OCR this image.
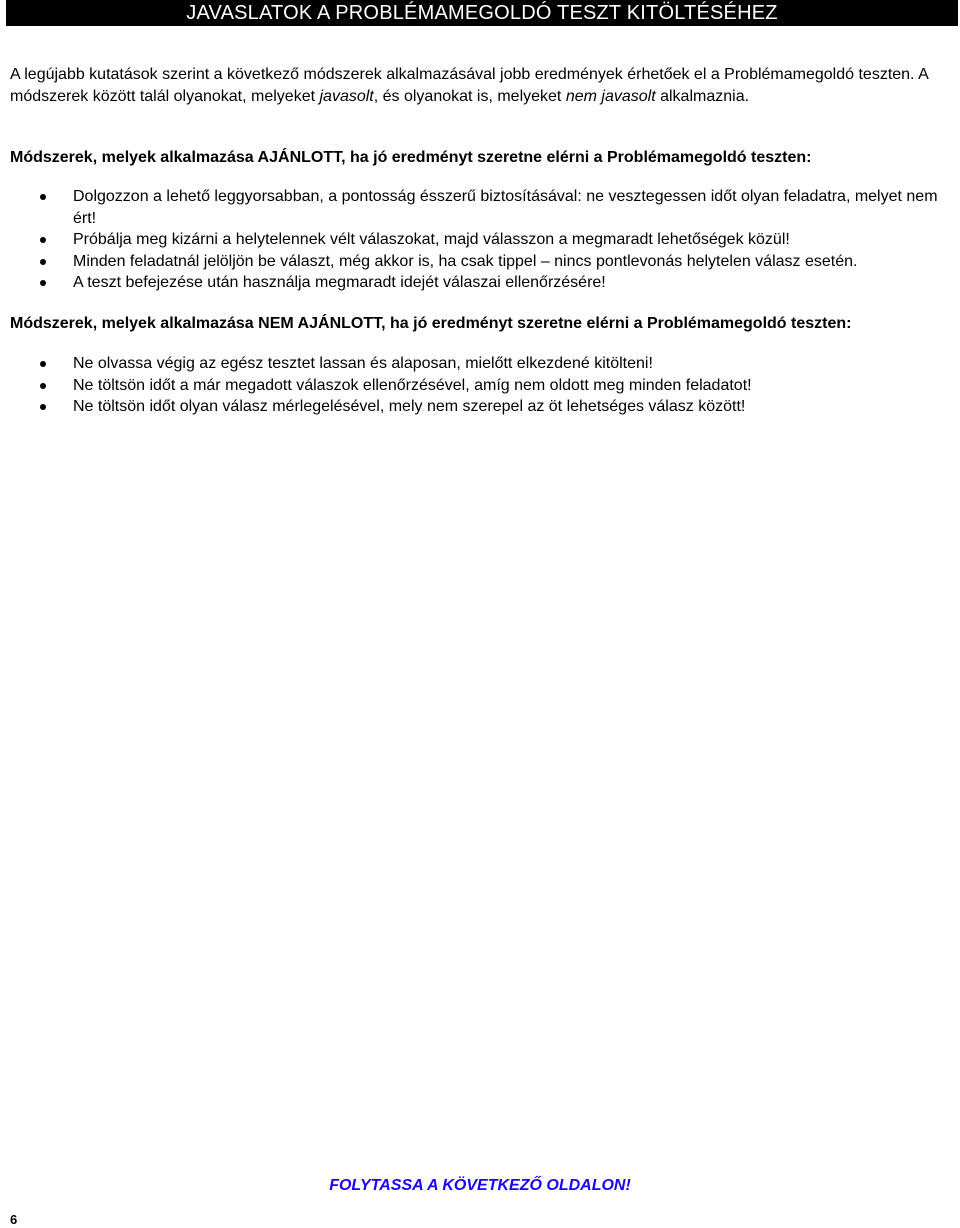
JAVASLATOK A PROBLÉMAMEGOLDÓ TESZT KITÖLTÉSÉHEZ
A legújabb kutatások szerint a következő módszerek alkalmazásával jobb eredmények érhetőek el a Problémamegoldó teszten. A módszerek között talál olyanokat, melyeket javasolt, és olyanokat is, melyeket nem javasolt alkalmaznia.
Módszerek, melyek alkalmazása AJÁNLOTT, ha jó eredményt szeretne elérni a Problémamegoldó teszten:
Dolgozzon a lehető leggyorsabban, a pontosság ésszerű biztosításával: ne vesztegessen időt olyan feladatra, melyet nem ért!
Próbálja meg kizárni a helytelennek vélt válaszokat, majd válasszon a megmaradt lehetőségek közül!
Minden feladatnál jelöljön be választ, még akkor is, ha csak tippel – nincs pontlevonás helytelen válasz esetén.
A teszt befejezése után használja megmaradt idejét válaszai ellenőrzésére!
Módszerek, melyek alkalmazása NEM AJÁNLOTT, ha jó eredményt szeretne elérni a Problémamegoldó teszten:
Ne olvassa végig az egész tesztet lassan és alaposan, mielőtt elkezdené kitölteni!
Ne töltsön időt a már megadott válaszok ellenőrzésével, amíg nem oldott meg minden feladatot!
Ne töltsön időt olyan válasz mérlegelésével, mely nem szerepel az öt lehetséges válasz között!
FOLYTASSA A KÖVETKEZŐ OLDALON!
6
